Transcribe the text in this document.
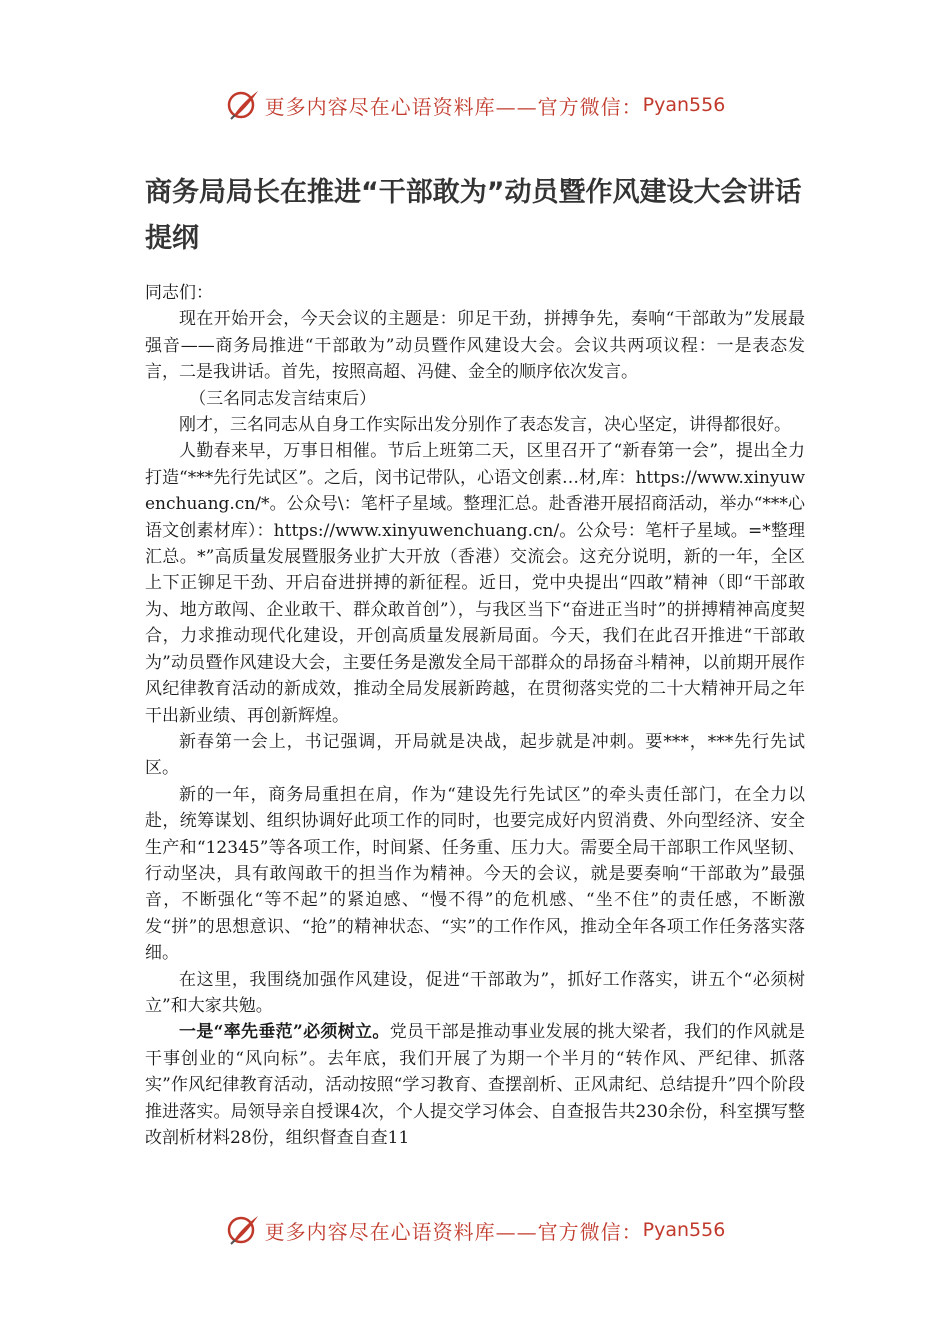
更多内容尽在心语资料库——官方微信： Pyan556
商务局局长在推进“干部敢为”动员暨作风建设大会讲话提纲

同志们：

现在开始开会，今天会议的主题是：卯足干劲，拼搏争先，奏响“干部敢为”发展最强音——商务局推进“干部敢为”动员暨作风建设大会。会议共两项议程：一是表态发言，二是我讲话。首先，按照高超、冯健、金全的顺序依次发言。

（三名同志发言结束后）

刚才，三名同志从自身工作实际出发分别作了表态发言，决心坚定，讲得都很好。

人勤春来早，万事日相催。节后上班第二天，区里召开了“新春第一会”，提出全力打造“***先行先试区”。之后，闵书记带队，心语文创素…材,库：https://www.xinyuwenchuang.cn/*。公众号\：笔杆子星域。整理汇总。赴香港开展招商活动，举办“***心语文创素材库）：https://www.xinyuwenchuang.cn/。公众号：笔杆子星域。=*整理汇总。*”高质量发展暨服务业扩大开放（香港）交流会。这充分说明，新的一年，全区上下正铆足干劲、开启奋进拼搏的新征程。近日，党中央提出“四敢”精神（即“干部敢为、地方敢闯、企业敢干、群众敢首创”），与我区当下“奋进正当时”的拼搏精神高度契合，力求推动现代化建设，开创高质量发展新局面。今天，我们在此召开推进“干部敢为”动员暨作风建设大会，主要任务是激发全局干部群众的昂扬奋斗精神，以前期开展作风纪律教育活动的新成效，推动全局发展新跨越，在贯彻落实党的二十大精神开局之年干出新业绩、再创新辉煌。

新春第一会上，书记强调，开局就是决战，起步就是冲刺。要***，***先行先试区。

新的一年，商务局重担在肩，作为“建设先行先试区”的牵头责任部门，在全力以赴，统筹谋划、组织协调好此项工作的同时，也要完成好内贸消费、外向型经济、安全生产和“12345”等各项工作，时间紧、任务重、压力大。需要全局干部职工作风坚韧、行动坚决，具有敢闯敢干的担当作为精神。今天的会议，就是要奏响“干部敢为”最强音，不断强化“等不起”的紧迫感、“慢不得”的危机感、“坐不住”的责任感，不断激发“拼”的思想意识、“抢”的精神状态、“实”的工作作风，推动全年各项工作任务落实落细。

在这里，我围绕加强作风建设，促进“干部敢为”，抓好工作落实，讲五个“必须树立”和大家共勉。

一是“率先垂范”必须树立。党员干部是推动事业发展的挑大梁者，我们的作风就是干事创业的“风向标”。去年底，我们开展了为期一个半月的“转作风、严纪律、抓落实”作风纪律教育活动，活动按照“学习教育、查摆剖析、正风肃纪、总结提升”四个阶段推进落实。局领导亲自授课4次，个人提交学习体会、自查报告共230余份，科室撰写整改剖析材料28份，组织督查自查11

更多内容尽在心语资料库——官方微信： Pyan556
